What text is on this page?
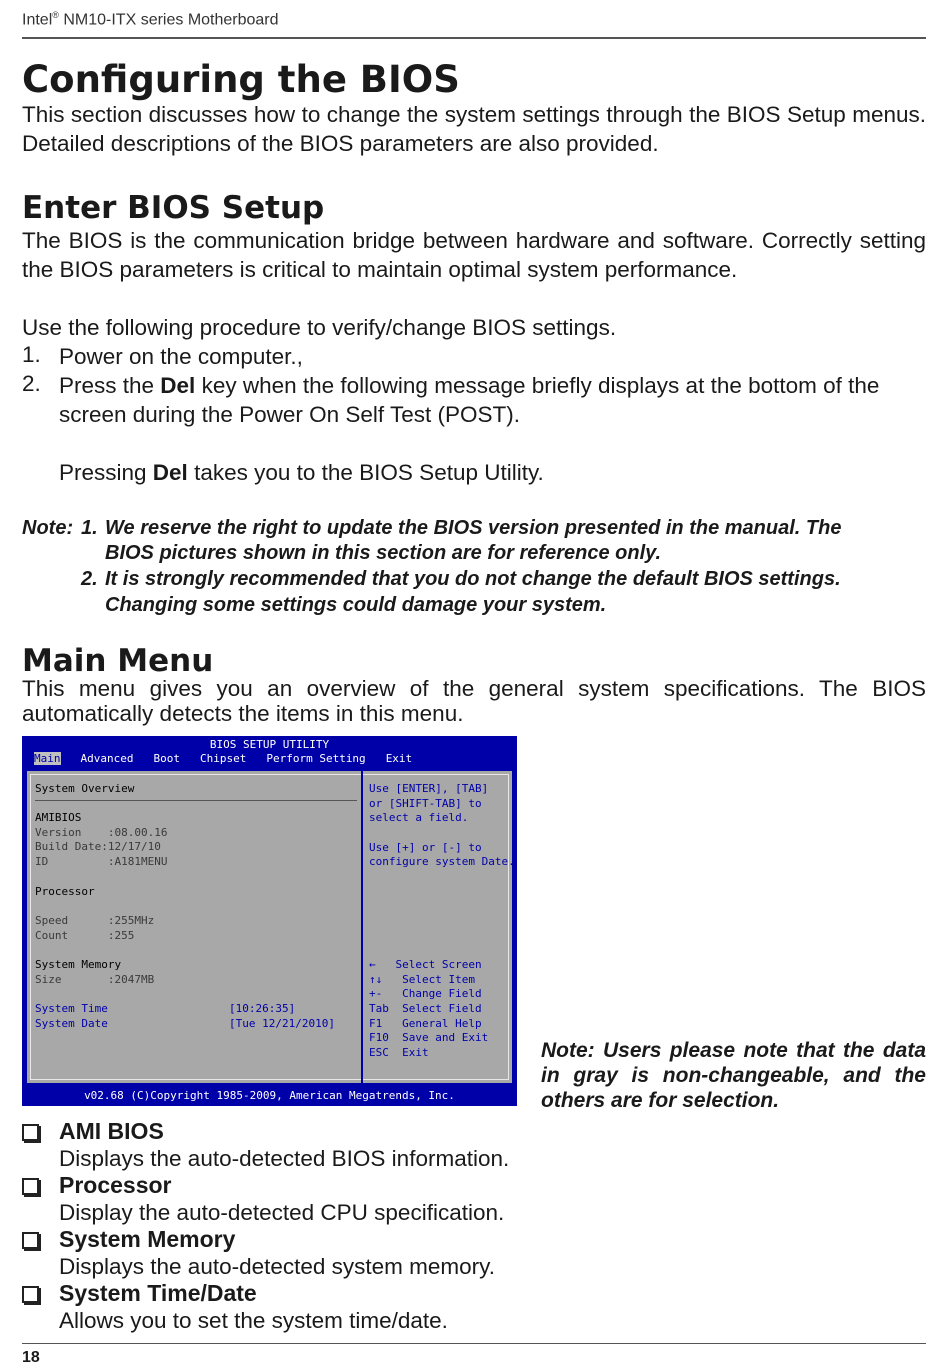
Intel® NM10-ITX series Motherboard
Configuring the BIOS
This section discusses how to change the system settings through the BIOS Setup menus. Detailed descriptions of the BIOS parameters are also provided.
Enter BIOS Setup
The BIOS is the communication bridge between hardware and software. Correctly setting the BIOS parameters is critical to maintain optimal system performance.
Use the following procedure to verify/change BIOS settings.
1. Power on the computer.,
2. Press the Del key when the following message briefly displays at the bottom of the screen during the Power On Self Test (POST).
Pressing Del takes you to the BIOS Setup Utility.
Note: 1. We reserve the right to update the BIOS version presented in the manual. The
BIOS pictures shown in this section are for reference only.
2. It is strongly recommended that you do not change the default BIOS settings.
Changing some settings could damage your system.
Main Menu
This menu gives you an overview of the general system specifications. The BIOS automatically detects the items in this menu.
BIOS SETUP UTILITY
Main Advanced Boot Chipset Perform Setting Exit
System Overview
AMIBIOS
Version    :08.00.16
Build Date:12/17/10
ID         :A181MENU
Processor
Speed      :255MHz
Count      :255
System Memory
Size       :2047MB
System Time	[10:26:35]
System Date	[Tue 12/21/2010]
Use [ENTER], [TAB]
or [SHIFT-TAB] to
select a field.
Use [+] or [-] to
configure system Date.
←   Select Screen
↑↓   Select Item
+-   Change Field
Tab  Select Field
F1   General Help
F10  Save and Exit
ESC  Exit
v02.68 (C)Copyright 1985-2009, American Megatrends, Inc.
Note: Users please note that the data in gray is non-changeable, and the others are for selection.
AMI BIOS
Displays the auto-detected BIOS information.
Processor
Display the auto-detected CPU specification.
System Memory
Displays the auto-detected system memory.
System Time/Date
Allows you to set the system time/date.
18
